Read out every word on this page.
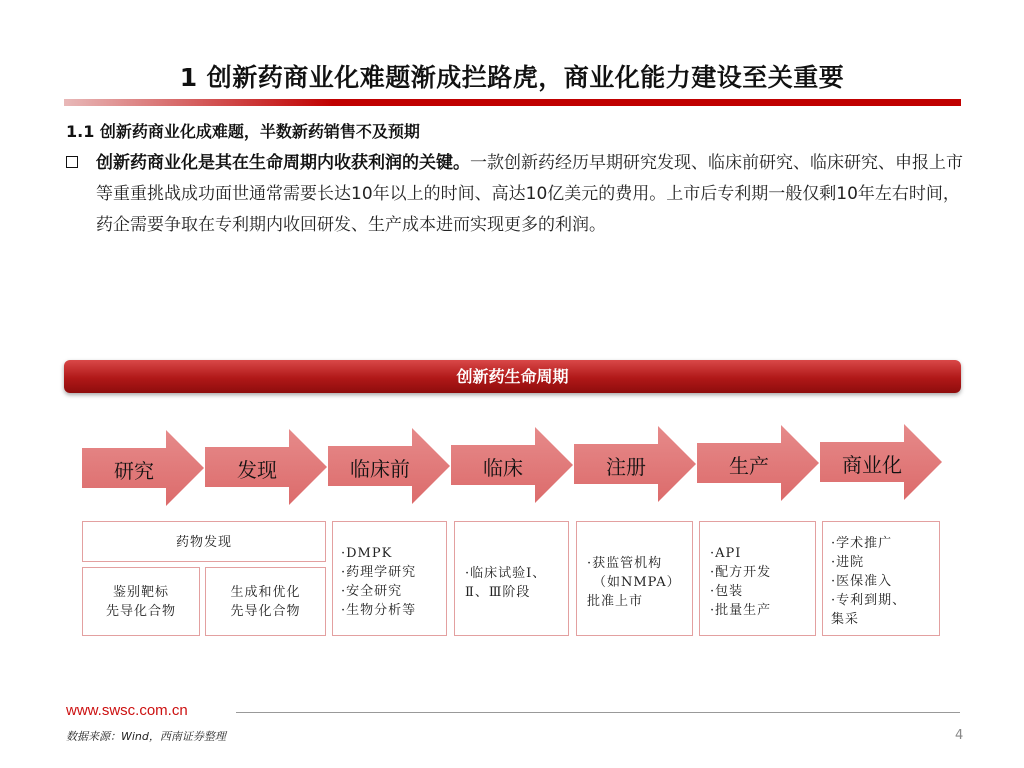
1 创新药商业化难题渐成拦路虎，商业化能力建设至关重要
1.1 创新药商业化成难题，半数新药销售不及预期
创新药商业化是其在生命周期内收获利润的关键。一款创新药经历早期研究发现、临床前研究、临床研究、申报上市等重重挑战成功面世通常需要长达10年以上的时间、高达10亿美元的费用。上市后专利期一般仅剩10年左右时间，药企需要争取在专利期内收回研发、生产成本进而实现更多的利润。
创新药生命周期
研究	发现	临床前	临床	注册	生产	商业化
药物发现
鉴别靶标
先导化合物
生成和优化
先导化合物
·DMPK
·药理学研究
·安全研究
·生物分析等
·临床试验Ⅰ、
Ⅱ、Ⅲ阶段
·获监管机构
（如NMPA）
批准上市
·API
·配方开发
·包装
·批量生产
·学术推广
·进院
·医保准入
·专利到期、
集采
www.swsc.com.cn
数据来源：Wind，西南证券整理	4
